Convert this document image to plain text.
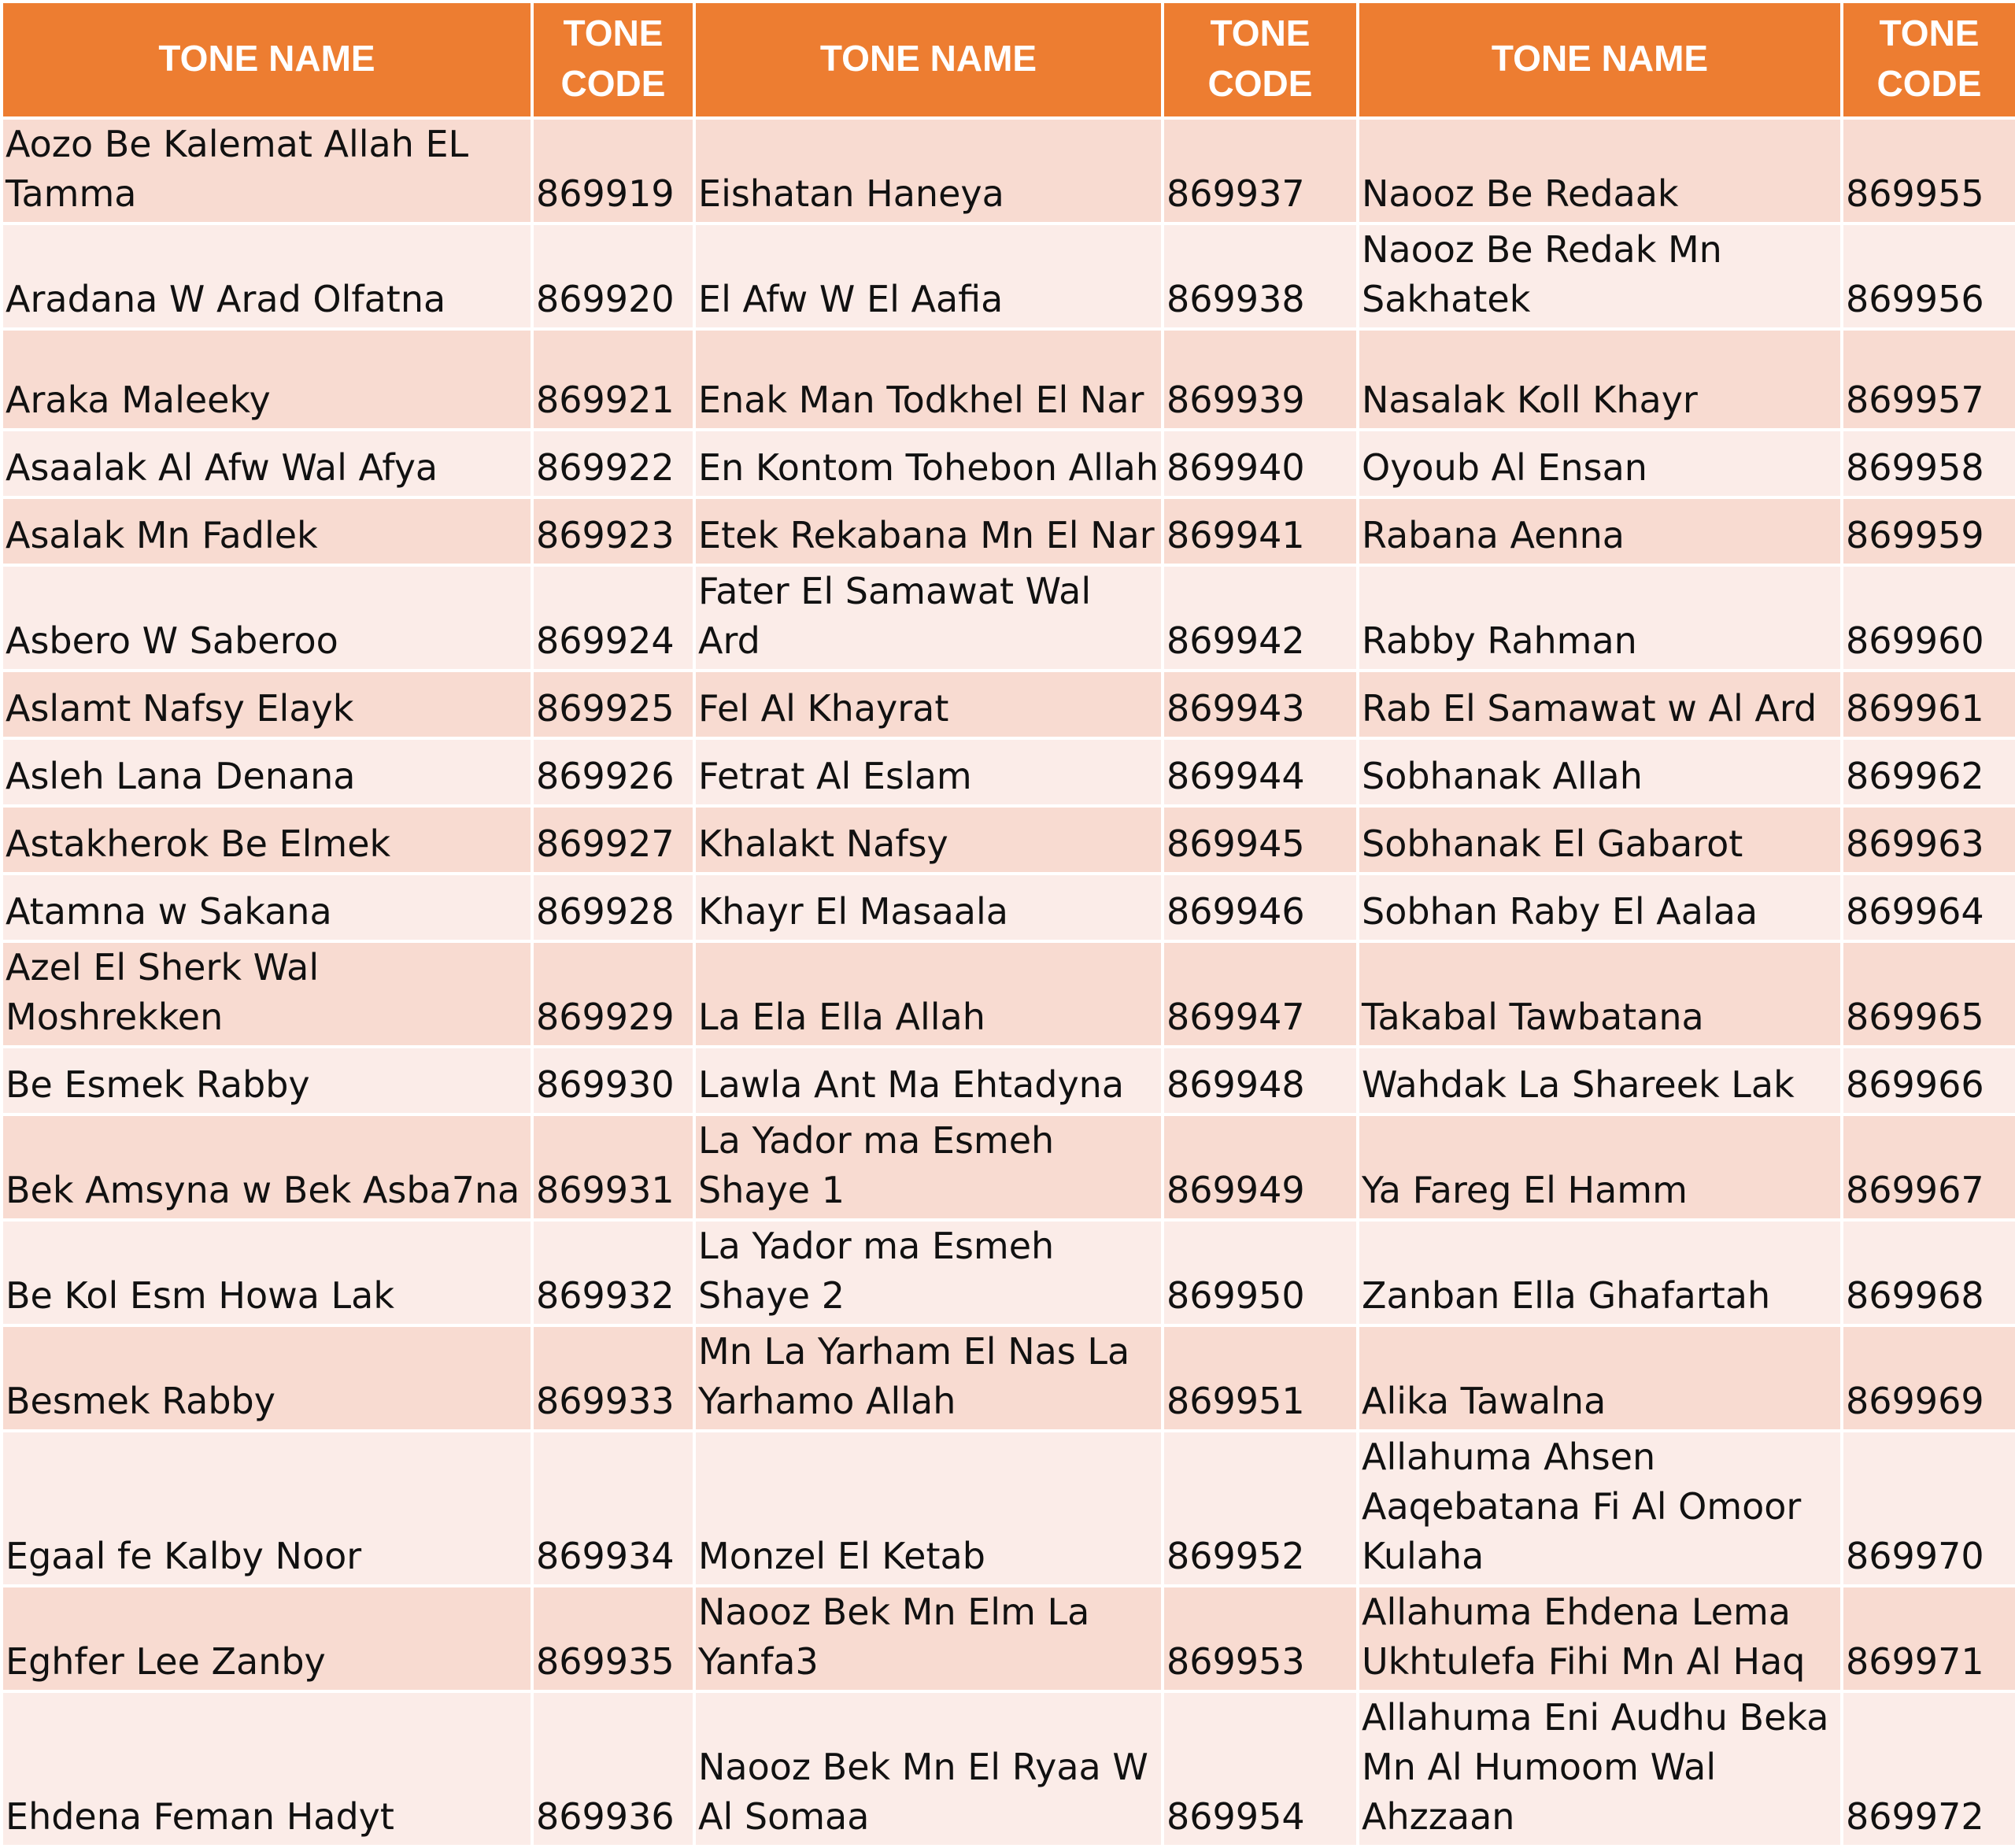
TONE NAME	TONE CODE	TONE NAME	TONE CODE	TONE NAME	TONE CODE
Aozo Be Kalemat Allah EL Tamma	869919	Eishatan Haneya	869937	Naooz Be Redaak	869955
Aradana W Arad Olfatna	869920	El Afw W El Aafia	869938	Naooz Be Redak Mn Sakhatek	869956
Araka Maleeky	869921	Enak Man Todkhel El Nar	869939	Nasalak Koll Khayr	869957
Asaalak Al Afw Wal Afya	869922	En Kontom Tohebon Allah	869940	Oyoub Al Ensan	869958
Asalak Mn Fadlek	869923	Etek Rekabana Mn El Nar	869941	Rabana Aenna	869959
Asbero W Saberoo	869924	Fater El Samawat Wal Ard	869942	Rabby Rahman	869960
Aslamt Nafsy Elayk	869925	Fel Al Khayrat	869943	Rab El Samawat w Al Ard	869961
Asleh Lana Denana	869926	Fetrat Al Eslam	869944	Sobhanak Allah	869962
Astakherok Be Elmek	869927	Khalakt Nafsy	869945	Sobhanak El Gabarot	869963
Atamna w Sakana	869928	Khayr El Masaala	869946	Sobhan Raby El Aalaa	869964
Azel El Sherk Wal Moshrekken	869929	La Ela Ella Allah	869947	Takabal Tawbatana	869965
Be Esmek Rabby	869930	Lawla Ant Ma Ehtadyna	869948	Wahdak La Shareek Lak	869966
Bek Amsyna w Bek Asba7na	869931	La Yador ma Esmeh Shaye 1	869949	Ya Fareg El Hamm	869967
Be Kol Esm Howa Lak	869932	La Yador ma Esmeh Shaye 2	869950	Zanban Ella Ghafartah	869968
Besmek Rabby	869933	Mn La Yarham El Nas La Yarhamo Allah	869951	Alika Tawalna	869969
Egaal fe Kalby Noor	869934	Monzel El Ketab	869952	Allahuma Ahsen Aaqebatana Fi Al Omoor Kulaha	869970
Eghfer Lee Zanby	869935	Naooz Bek Mn Elm La Yanfa3	869953	Allahuma Ehdena Lema Ukhtulefa Fihi Mn Al Haq	869971
Ehdena Feman Hadyt	869936	Naooz Bek Mn El Ryaa W Al Somaa	869954	Allahuma Eni Audhu Beka Mn Al Humoom Wal Ahzzaan	869972
